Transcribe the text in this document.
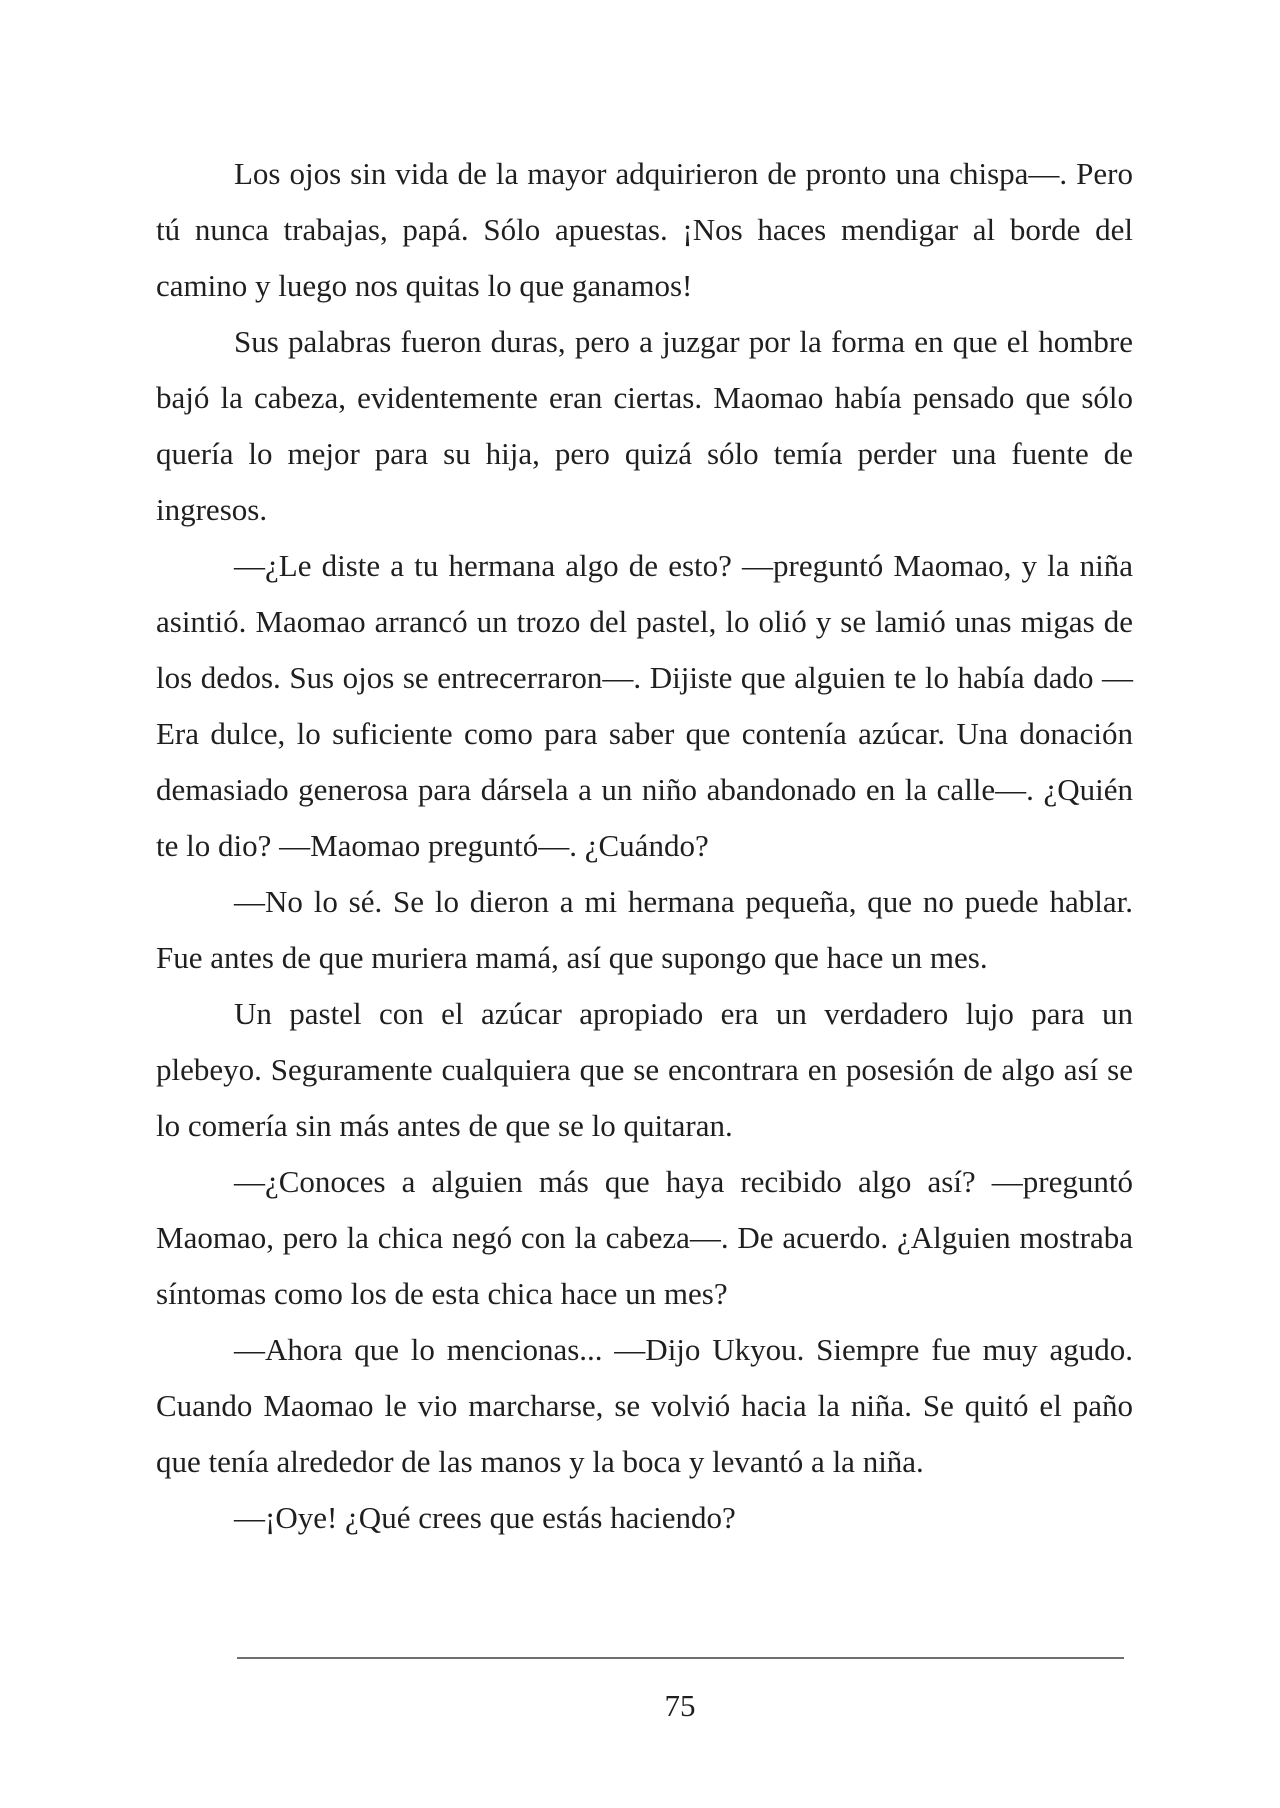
Los ojos sin vida de la mayor adquirieron de pronto una chispa—. Pero tú nunca trabajas, papá. Sólo apuestas. ¡Nos haces mendigar al borde del camino y luego nos quitas lo que ganamos!

Sus palabras fueron duras, pero a juzgar por la forma en que el hombre bajó la cabeza, evidentemente eran ciertas. Maomao había pensado que sólo quería lo mejor para su hija, pero quizá sólo temía perder una fuente de ingresos.

—¿Le diste a tu hermana algo de esto? —preguntó Maomao, y la niña asintió. Maomao arrancó un trozo del pastel, lo olió y se lamió unas migas de los dedos. Sus ojos se entrecerraron—. Dijiste que alguien te lo había dado —Era dulce, lo suficiente como para saber que contenía azúcar. Una donación demasiado generosa para dársela a un niño abandonado en la calle—. ¿Quién te lo dio? —Maomao preguntó—. ¿Cuándo?

—No lo sé. Se lo dieron a mi hermana pequeña, que no puede hablar. Fue antes de que muriera mamá, así que supongo que hace un mes.

Un pastel con el azúcar apropiado era un verdadero lujo para un plebeyo. Seguramente cualquiera que se encontrara en posesión de algo así se lo comería sin más antes de que se lo quitaran.

—¿Conoces a alguien más que haya recibido algo así? —preguntó Maomao, pero la chica negó con la cabeza—. De acuerdo. ¿Alguien mostraba síntomas como los de esta chica hace un mes?

—Ahora que lo mencionas... —Dijo Ukyou. Siempre fue muy agudo. Cuando Maomao le vio marcharse, se volvió hacia la niña. Se quitó el paño que tenía alrededor de las manos y la boca y levantó a la niña.

—¡Oye! ¿Qué crees que estás haciendo?

75
